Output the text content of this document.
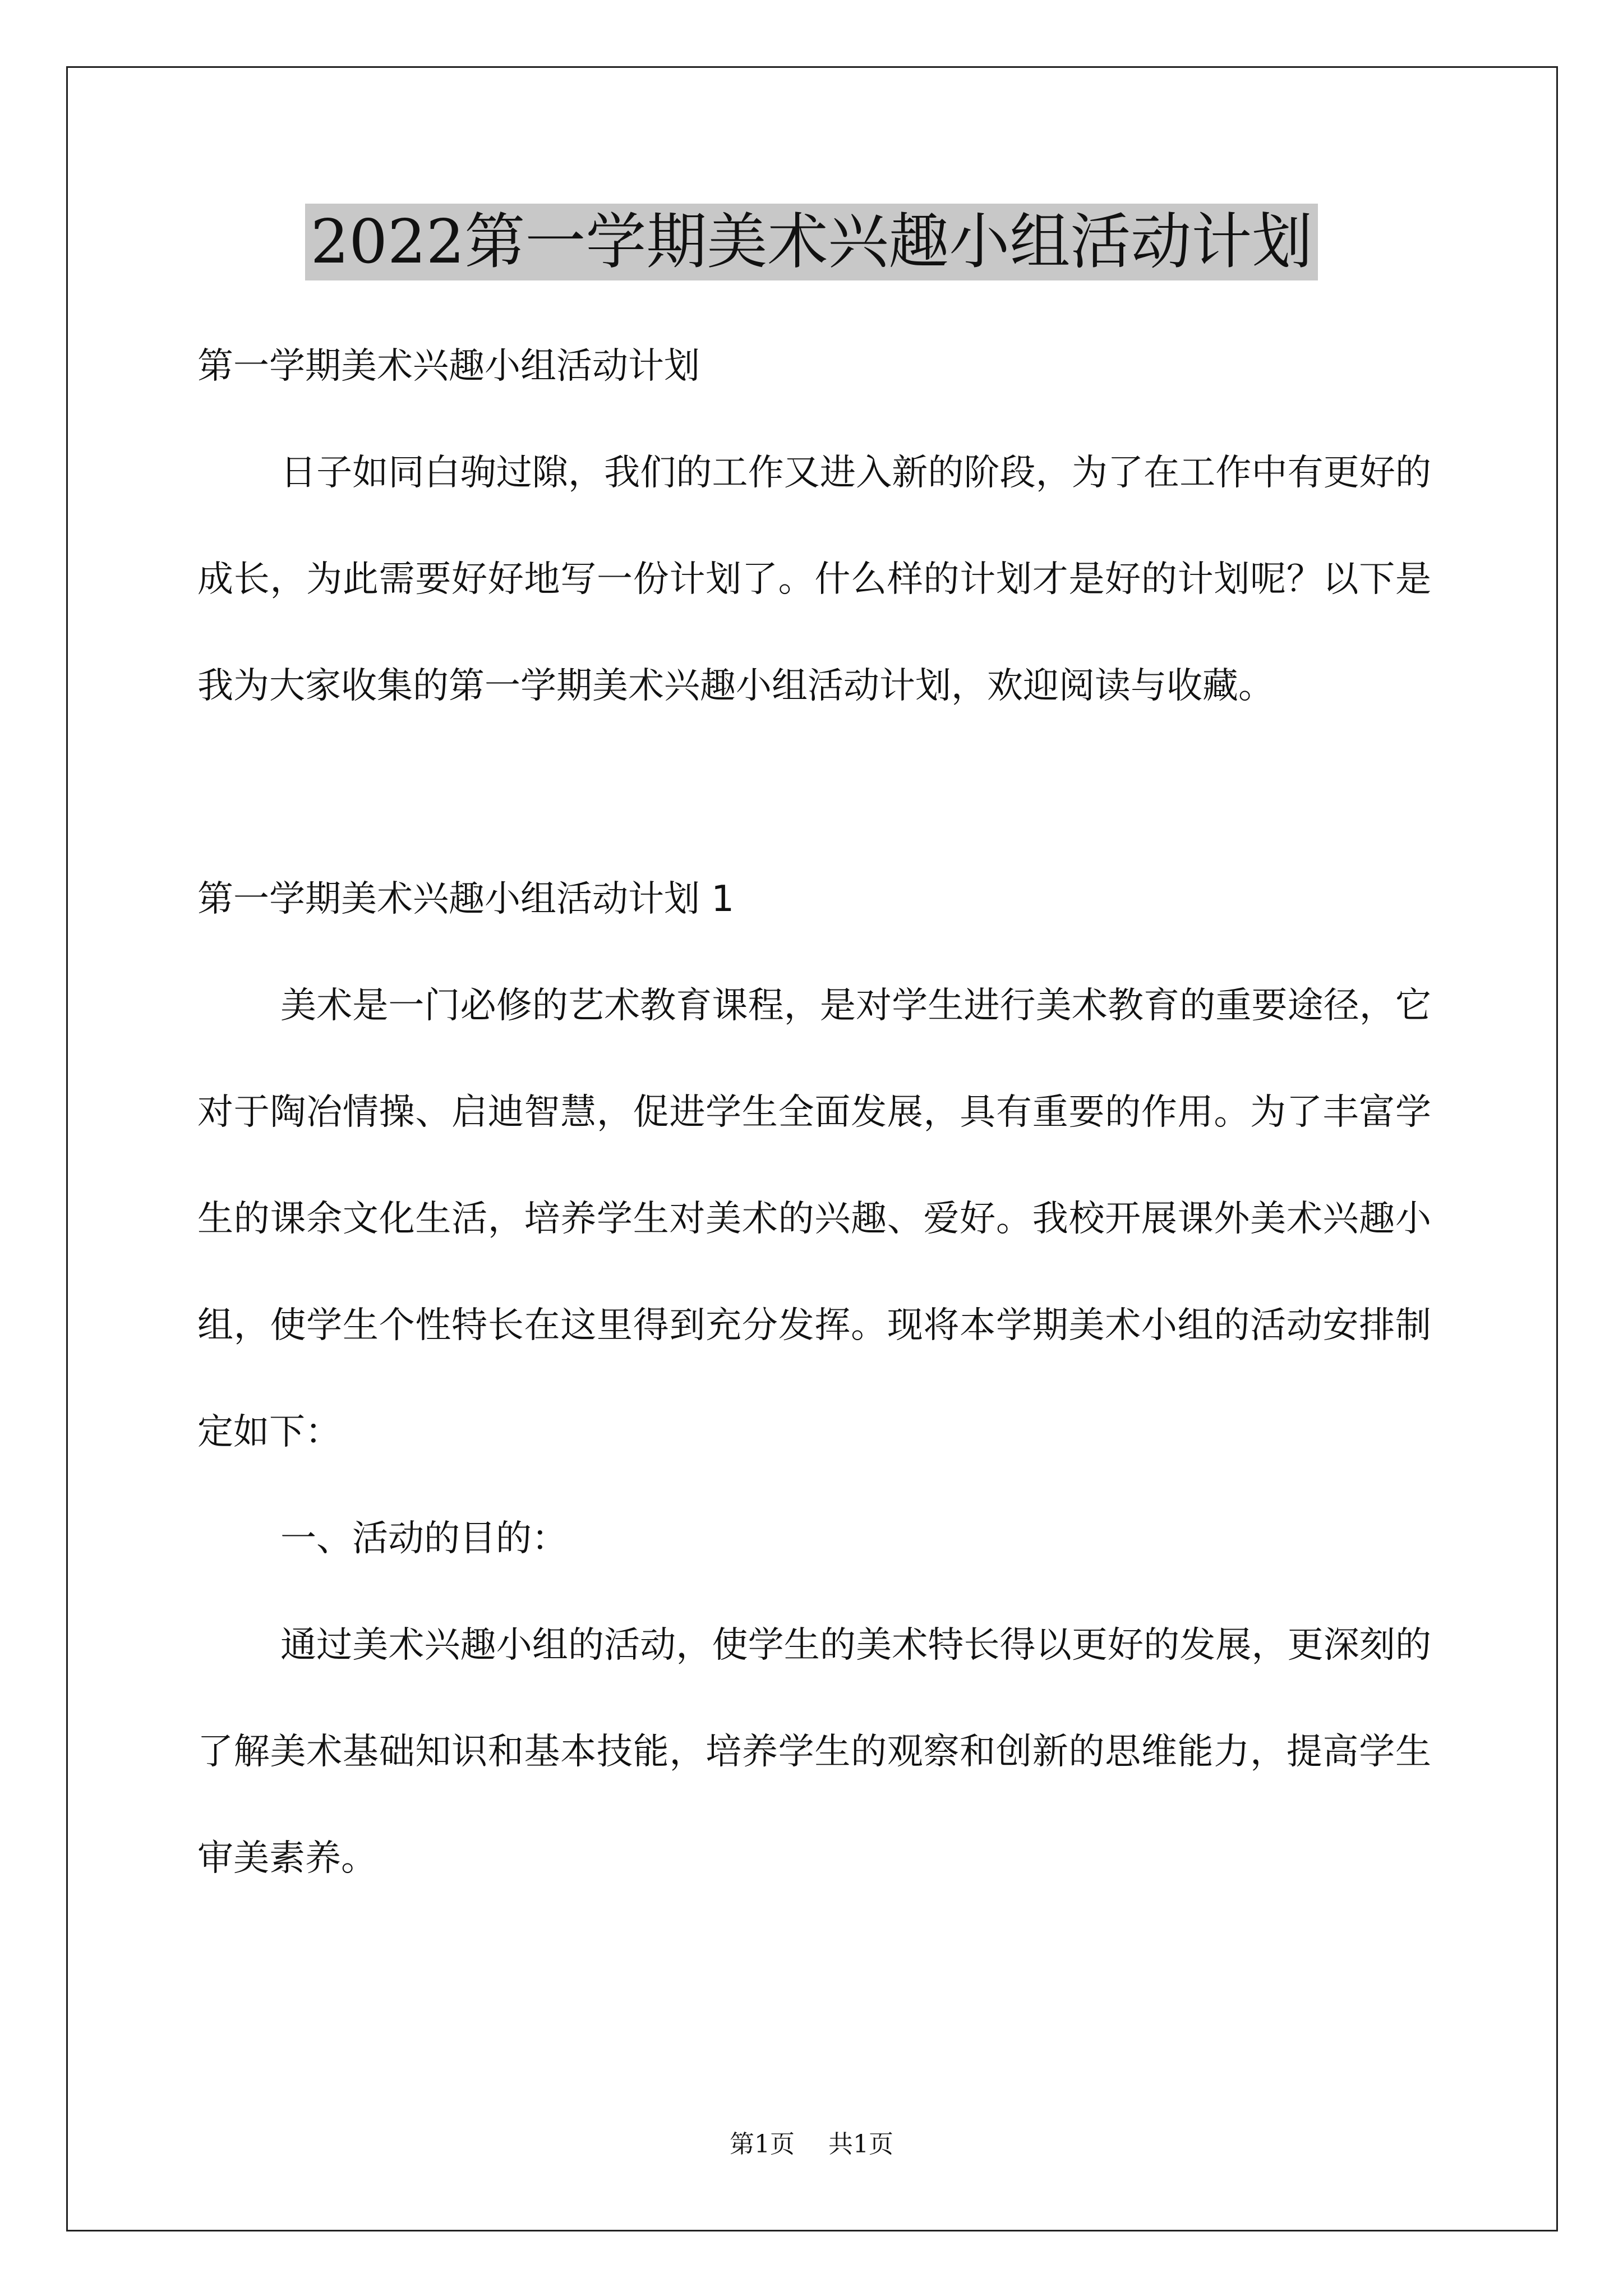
2022第一学期美术兴趣小组活动计划

第一学期美术兴趣小组活动计划

日子如同白驹过隙，我们的工作又进入新的阶段，为了在工作中有更好的成长，为此需要好好地写一份计划了。什么样的计划才是好的计划呢？以下是我为大家收集的第一学期美术兴趣小组活动计划，欢迎阅读与收藏。

第一学期美术兴趣小组活动计划 1

美术是一门必修的艺术教育课程，是对学生进行美术教育的重要途径，它对于陶冶情操、启迪智慧，促进学生全面发展，具有重要的作用。为了丰富学生的课余文化生活，培养学生对美术的兴趣、爱好。我校开展课外美术兴趣小组，使学生个性特长在这里得到充分发挥。现将本学期美术小组的活动安排制定如下：

一、活动的目的：

通过美术兴趣小组的活动，使学生的美术特长得以更好的发展，更深刻的了解美术基础知识和基本技能，培养学生的观察和创新的思维能力，提高学生审美素养。

第1页 共1页
